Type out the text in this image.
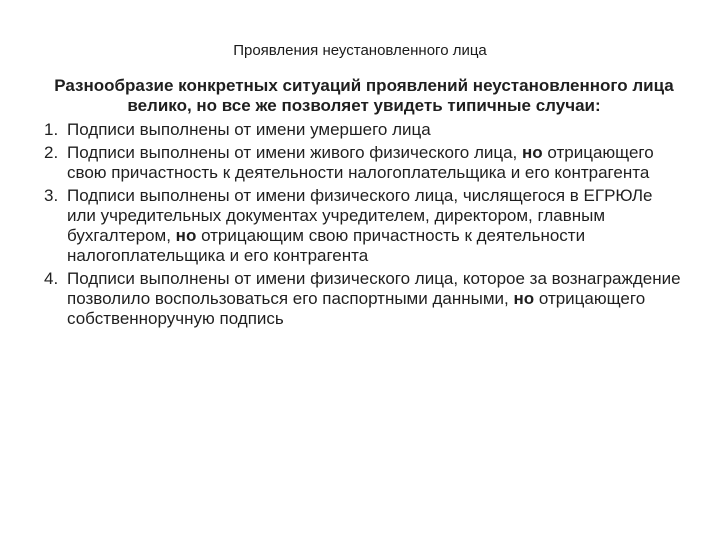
Проявления неустановленного лица
Разнообразие конкретных ситуаций проявлений неустановленного лица велико, но все же позволяет увидеть типичные случаи:
1. Подписи выполнены от имени умершего лица
2. Подписи выполнены от имени живого физического лица, но отрицающего свою причастность к деятельности налогоплательщика и его контрагента
3. Подписи выполнены от имени физического лица, числящегося в ЕГРЮЛе или учредительных документах учредителем, директором, главным бухгалтером, но отрицающим свою причастность к деятельности налогоплательщика и его контрагента
4. Подписи выполнены от имени физического лица, которое за вознаграждение позволило воспользоваться его паспортными данными, но отрицающего собственноручную подпись
